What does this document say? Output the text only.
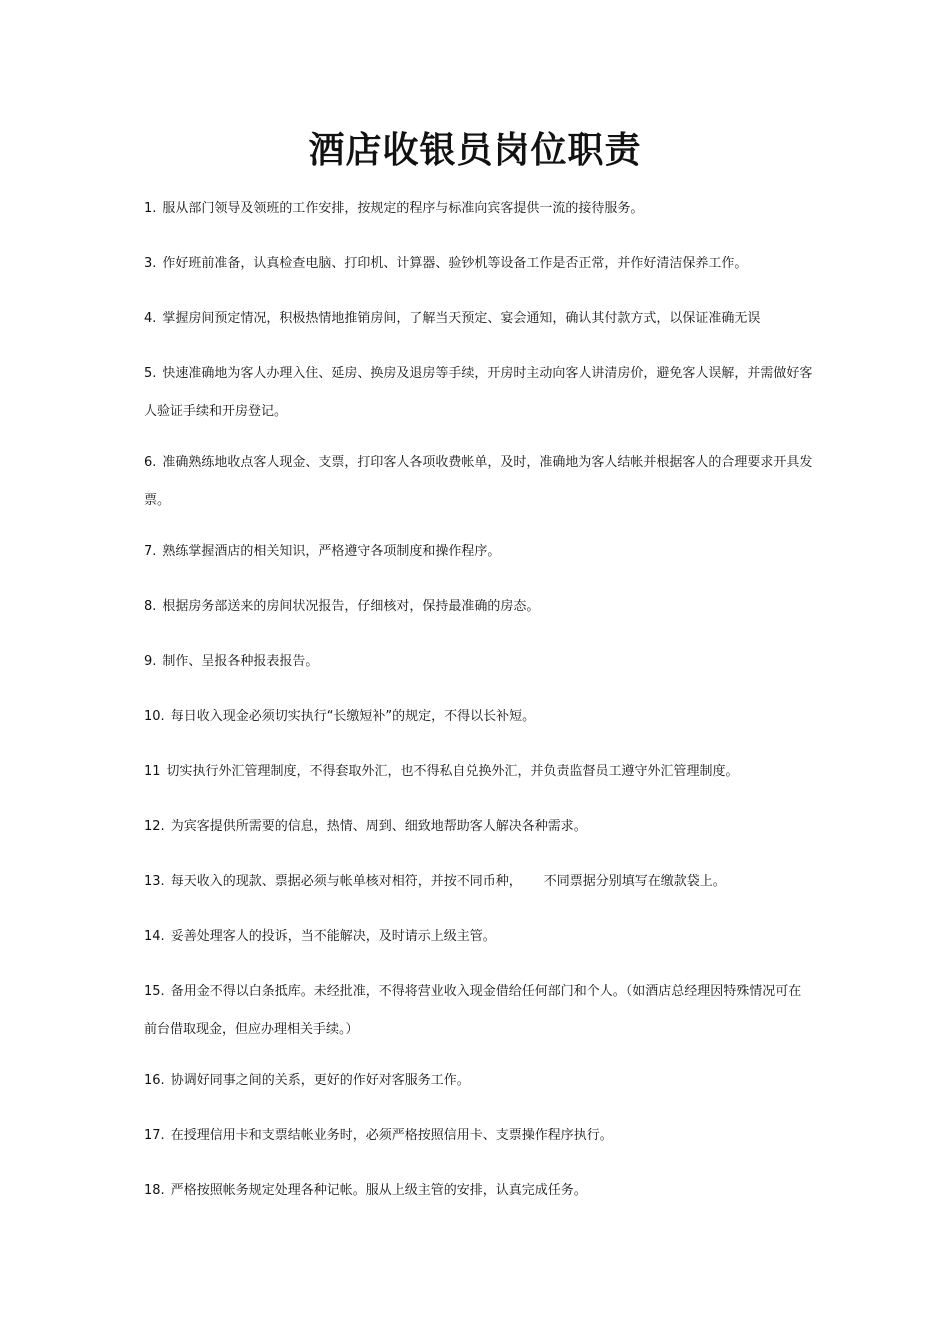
酒店收银员岗位职责

1. 服从部门领导及领班的工作安排，按规定的程序与标准向宾客提供一流的接待服务。

3. 作好班前准备，认真检查电脑、打印机、计算器、验钞机等设备工作是否正常，并作好清洁保养工作。

4. 掌握房间预定情况，积极热情地推销房间，了解当天预定、宴会通知，确认其付款方式，以保证准确无误

5. 快速准确地为客人办理入住、延房、换房及退房等手续，开房时主动向客人讲清房价，避免客人误解，并需做好客人验证手续和开房登记。

6. 准确熟练地收点客人现金、支票，打印客人各项收费帐单，及时，准确地为客人结帐并根据客人的合理要求开具发票。

7. 熟练掌握酒店的相关知识，严格遵守各项制度和操作程序。

8. 根据房务部送来的房间状况报告，仔细核对，保持最准确的房态。

9. 制作、呈报各种报表报告。

10. 每日收入现金必须切实执行“长缴短补”的规定，不得以长补短。

11 切实执行外汇管理制度，不得套取外汇，也不得私自兑换外汇，并负责监督员工遵守外汇管理制度。

12. 为宾客提供所需要的信息，热情、周到、细致地帮助客人解决各种需求。

13. 每天收入的现款、票据必须与帐单核对相符，并按不同币种， 不同票据分别填写在缴款袋上。

14. 妥善处理客人的投诉，当不能解决，及时请示上级主管。

15. 备用金不得以白条抵库。未经批准，不得将营业收入现金借给任何部门和个人。（如酒店总经理因特殊情况可在前台借取现金，但应办理相关手续。）

16. 协调好同事之间的关系，更好的作好对客服务工作。

17. 在授理信用卡和支票结帐业务时，必须严格按照信用卡、支票操作程序执行。

18. 严格按照帐务规定处理各种记帐。服从上级主管的安排，认真完成任务。
